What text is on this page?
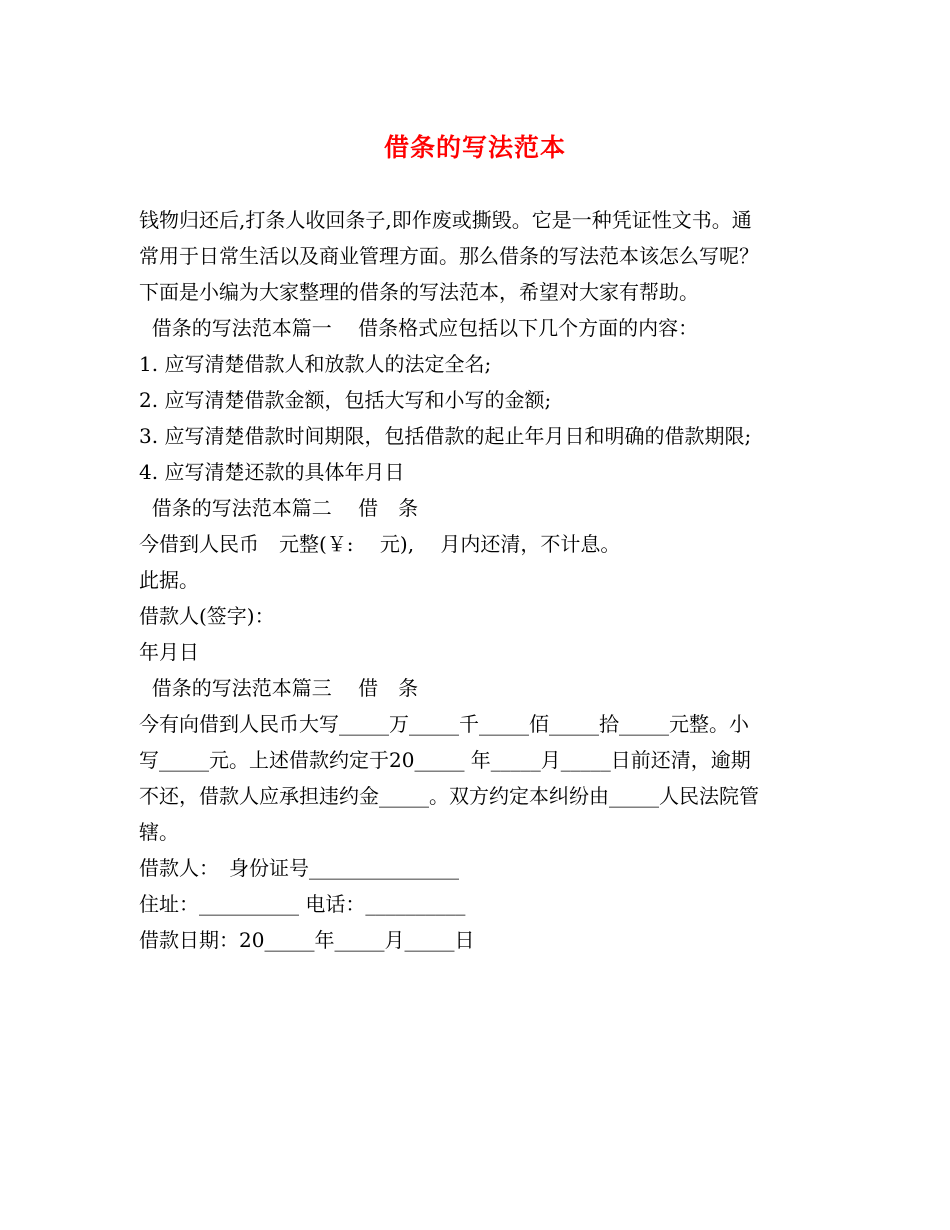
借条的写法范本
钱物归还后,打条人收回条子,即作废或撕毁。它是一种凭证性文书。通
常用于日常生活以及商业管理方面。那么借条的写法范本该怎么写呢？
下面是小编为大家整理的借条的写法范本，希望对大家有帮助。
借条的写法范本篇一　 借条格式应包括以下几个方面的内容：
1. 应写清楚借款人和放款人的法定全名;
2. 应写清楚借款金额，包括大写和小写的金额;
3. 应写清楚借款时间期限，包括借款的起止年月日和明确的借款期限;
4. 应写清楚还款的具体年月日
借条的写法范本篇二　 借　条
今借到人民币　元整(￥:　 元),　 月内还清，不计息。
此据。
借款人(签字)：
年月日
借条的写法范本篇三　 借　条
今有向借到人民币大写_____万_____千_____佰_____拾_____元整。小
写_____元。上述借款约定于20_____ 年_____月_____日前还清，逾期
不还，借款人应承担违约金_____。双方约定本纠纷由_____人民法院管
辖。
借款人：　身份证号_______________
住址：__________ 电话：__________
借款日期：20_____年_____月_____日
